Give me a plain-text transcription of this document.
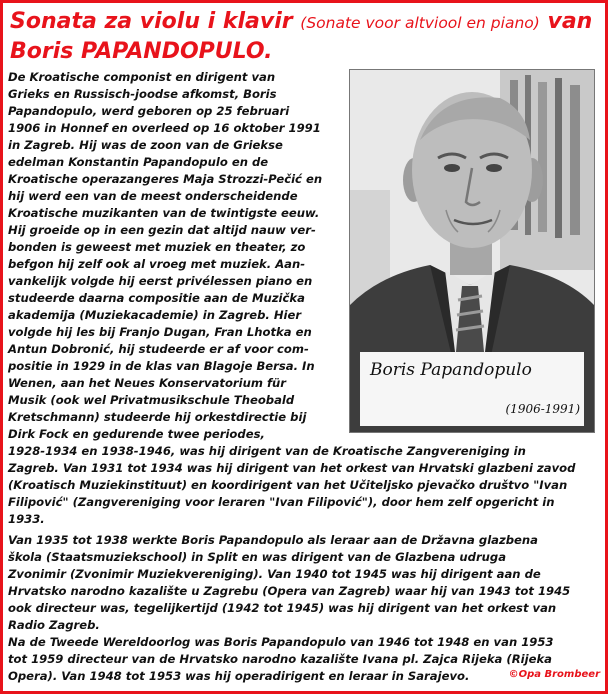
Sonata za violu i klavir (Sonate voor altviool en piano) van
Boris PAPANDOPULO.
Boris Papandopulo
(1906-1991)
De Kroatische componist en dirigent van
Grieks en Russisch-joodse afkomst, Boris
Papandopulo, werd geboren op 25 februari
1906 in Honnef en overleed op 16 oktober 1991
in Zagreb. Hij was de zoon van de Griekse
edelman Konstantin Papandopulo en de
Kroatische operazangeres Maja Strozzi-Pečić en
hij werd een van de meest onderscheidende
Kroatische muzikanten van de twintigste eeuw.
Hij groeide op in een gezin dat altijd nauw ver-
bonden is geweest met muziek en theater, zo
befgon hij zelf ook al vroeg met muziek. Aan-
vankelijk volgde hij eerst privélessen piano en
studeerde daarna compositie aan de Muzička
akademija (Muziekacademie) in Zagreb. Hier
volgde hij les bij Franjo Dugan, Fran Lhotka en
Antun Dobronić, hij studeerde er af voor com-
positie in 1929 in de klas van Blagoje Bersa. In
Wenen, aan het Neues Konservatorium für
Musik (ook wel Privatmusikschule Theobald
Kretschmann) studeerde hij orkestdirectie bij
Dirk Fock en gedurende twee periodes,
1928-1934 en 1938-1946, was hij dirigent van de Kroatische Zangvereniging in
Zagreb. Van 1931 tot 1934 was hij dirigent van het orkest van Hrvatski glazbeni zavod
(Kroatisch Muziekinstituut) en koordirigent van het Učiteljsko pjevačko društvo "Ivan
Filipović" (Zangvereniging voor leraren "Ivan Filipović"), door hem zelf opgericht in
1933.
Van 1935 tot 1938 werkte Boris Papandopulo als leraar aan de Državna glazbena
škola (Staatsmuziekschool) in Split en was dirigent van de Glazbena udruga
Zvonimir (Zvonimir Muziekvereniging). Van 1940 tot 1945 was hij dirigent aan de
Hrvatsko narodno kazalište u Zagrebu (Opera van Zagreb) waar hij van 1943 tot 1945
ook directeur was, tegelijkertijd (1942 tot 1945) was hij dirigent van het orkest van
Radio Zagreb.
Na de Tweede Wereldoorlog was Boris Papandopulo van 1946 tot 1948 en van 1953
tot 1959 directeur van de Hrvatsko narodno kazalište Ivana pl. Zajca Rijeka (Rijeka
Opera). Van 1948 tot 1953 was hij operadirigent en leraar in Sarajevo.	©Opa Brombeer
